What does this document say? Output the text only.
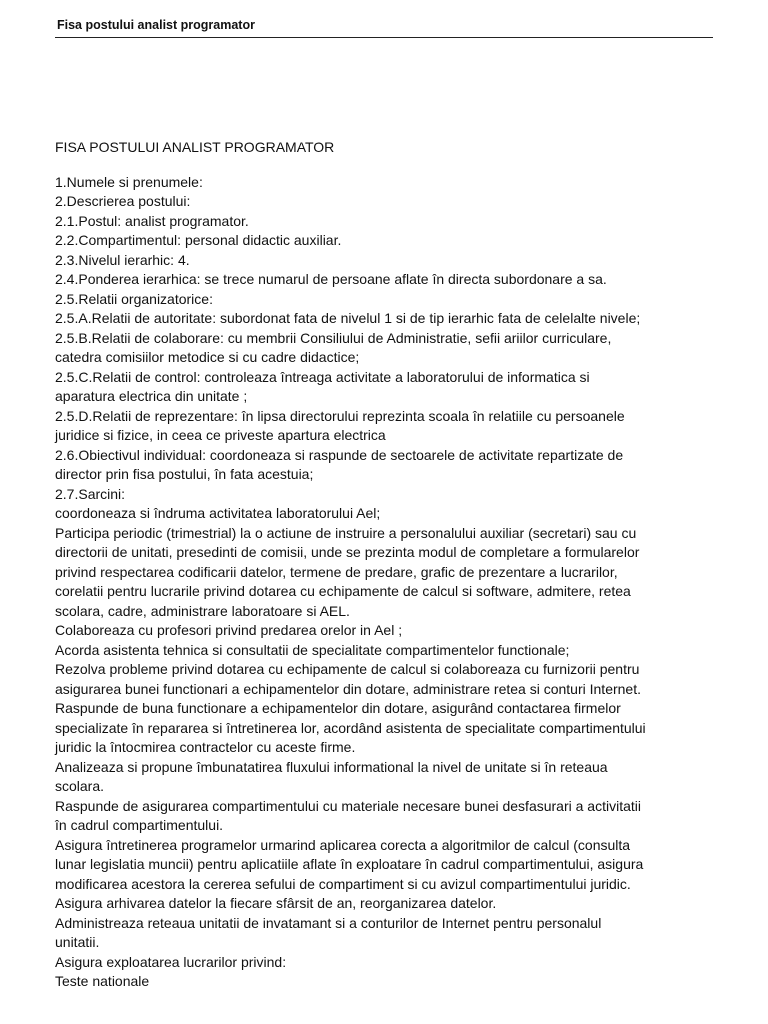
Fisa postului analist programator
FISA POSTULUI ANALIST PROGRAMATOR
1.Numele si prenumele:
2.Descrierea postului:
2.1.Postul: analist programator.
2.2.Compartimentul: personal didactic auxiliar.
2.3.Nivelul ierarhic: 4.
2.4.Ponderea ierarhica: se trece numarul de persoane aflate în directa subordonare a sa.
2.5.Relatii organizatorice:
2.5.A.Relatii de autoritate: subordonat fata de nivelul 1 si de tip ierarhic fata de celelalte nivele;
2.5.B.Relatii de colaborare: cu membrii Consiliului de Administratie, sefii ariilor curriculare,
catedra comisiilor metodice si cu cadre didactice;
2.5.C.Relatii de control: controleaza întreaga activitate a laboratorului de informatica si
aparatura electrica din unitate ;
2.5.D.Relatii de reprezentare: în lipsa directorului reprezinta scoala în relatiile cu persoanele
juridice si fizice, in ceea ce priveste apartura electrica
2.6.Obiectivul individual: coordoneaza si raspunde de sectoarele de activitate repartizate de
director prin fisa postului, în fata acestuia;
2.7.Sarcini:
coordoneaza si îndruma activitatea laboratorului Ael;
Participa periodic (trimestrial) la o actiune de instruire a personalului auxiliar (secretari) sau cu
directorii de unitati, presedinti de comisii, unde se prezinta modul de completare a formularelor
privind respectarea codificarii datelor, termene de predare, grafic de prezentare a lucrarilor,
corelatii pentru lucrarile privind dotarea cu echipamente de calcul si software, admitere, retea
scolara, cadre, administrare laboratoare si AEL.
Colaboreaza cu profesori privind predarea orelor in Ael ;
Acorda asistenta tehnica si consultatii de specialitate compartimentelor functionale;
Rezolva probleme privind dotarea cu echipamente de calcul si colaboreaza cu furnizorii pentru
asigurarea bunei functionari a echipamentelor din dotare, administrare retea si conturi Internet.
Raspunde de buna functionare a echipamentelor din dotare, asigurând contactarea firmelor
specializate în repararea si întretinerea lor, acordând asistenta de specialitate compartimentului
juridic la întocmirea contractelor cu aceste firme.
Analizeaza si propune îmbunatatirea fluxului informational la nivel de unitate si în reteaua
scolara.
Raspunde de asigurarea compartimentului cu materiale necesare bunei desfasurari a activitatii
în cadrul compartimentului.
Asigura întretinerea programelor urmarind aplicarea corecta a algoritmilor de calcul (consulta
lunar legislatia muncii) pentru aplicatiile aflate în exploatare în cadrul compartimentului, asigura
modificarea acestora la cererea sefului de compartiment si cu avizul compartimentului juridic.
Asigura arhivarea datelor la fiecare sfârsit de an, reorganizarea datelor.
Administreaza reteaua unitatii de invatamant si a conturilor de Internet pentru personalul
unitatii.
Asigura exploatarea lucrarilor privind:
Teste nationale
